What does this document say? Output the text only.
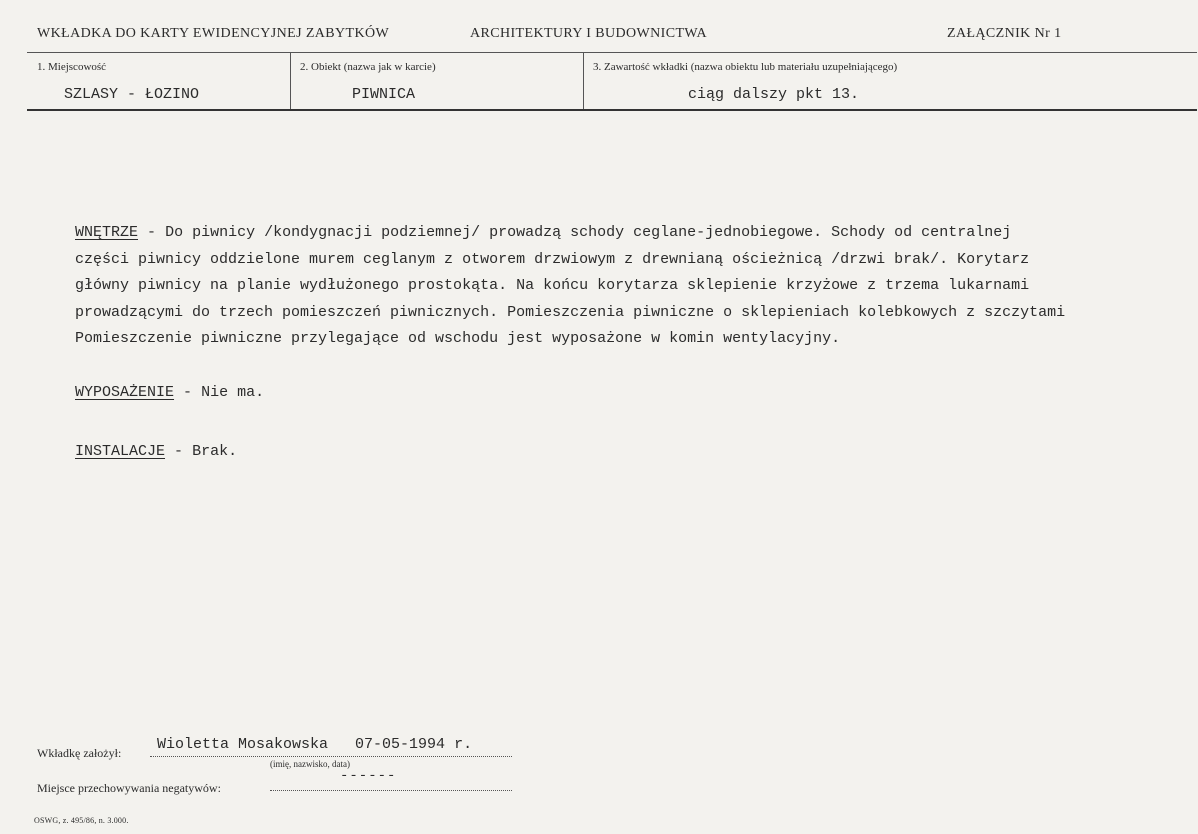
WKŁADKA DO KARTY EWIDENCYJNEJ ZABYTKÓW	ARCHITEKTURY I BUDOWNICTWA	ZAŁĄCZNIK Nr 1
1. Miejscowość
SZLASY - ŁOZINO
2. Obiekt (nazwa jak w karcie)
PIWNICA
3. Zawartość wkładki (nazwa obiektu lub materiału uzupełniającego)
ciąg dalszy pkt 13.
WNĘTRZE - Do piwnicy /kondygnacji podziemnej/ prowadzą schody ceglane-jednobiegowe. Schody od centralnej
części piwnicy oddzielone murem ceglanym z otworem drzwiowym z drewnianą ościeżnicą /drzwi brak/. Korytarz
główny piwnicy na planie wydłużonego prostokąta. Na końcu korytarza sklepienie krzyżowe z trzema lukarnami
prowadzącymi do trzech pomieszczeń piwnicznych. Pomieszczenia piwniczne o sklepieniach kolebkowych z szczytami
Pomieszczenie piwniczne przylegające od wschodu jest wyposażone w komin wentylacyjny.
WYPOSAŻENIE - Nie ma.
INSTALACJE - Brak.
Wkładkę założył: Wioletta Mosakowska 07-05-1994 r.
(imię, nazwisko, data)
Miejsce przechowywania negatywów:
------
OSWG, z. 495/86, n. 3.000.
